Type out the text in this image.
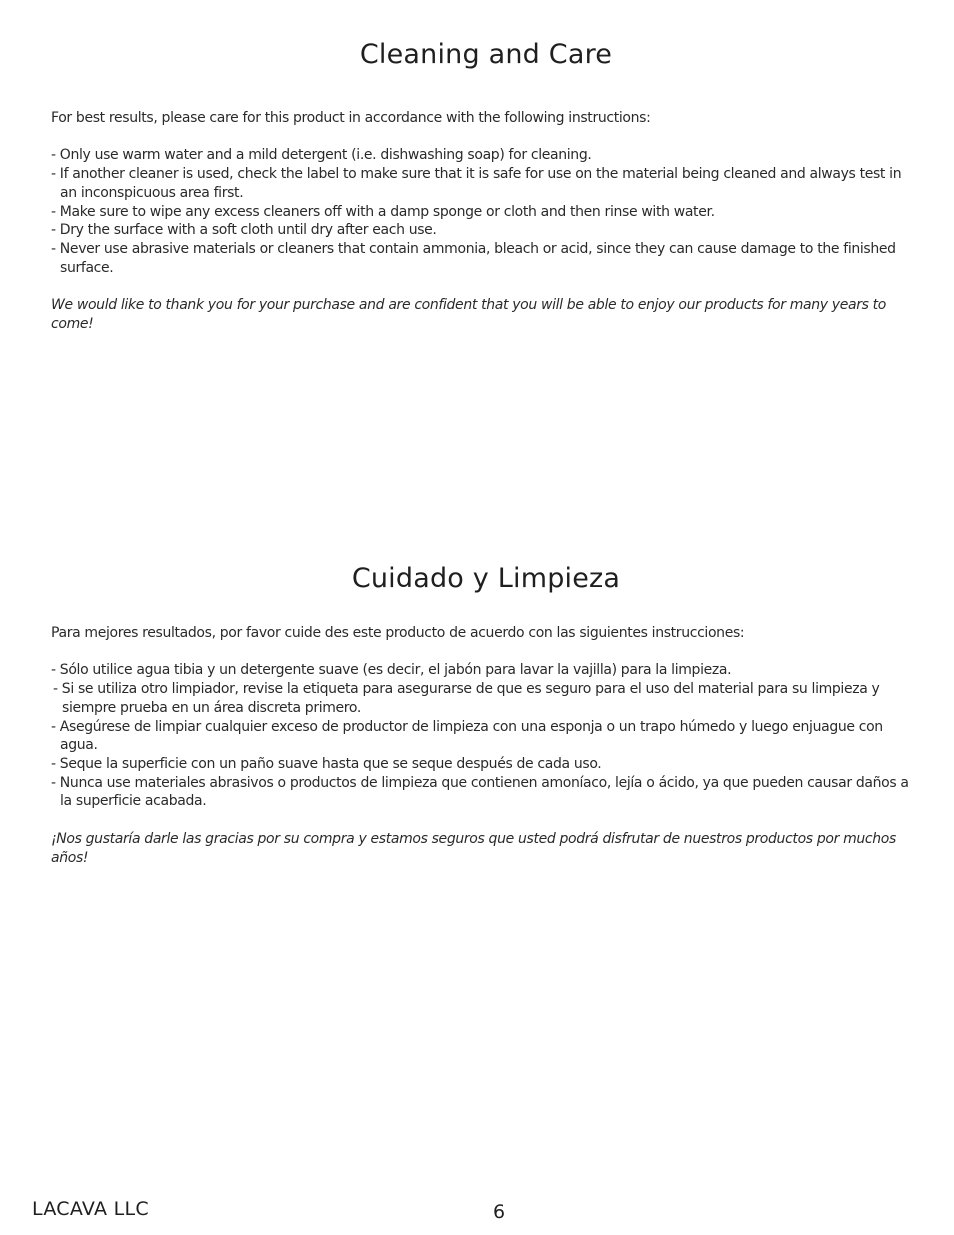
Cleaning and Care

For best results, please care for this product in accordance with the following instructions:

- Only use warm water and a mild detergent (i.e. dishwashing soap) for cleaning.
- If another cleaner is used, check the label to make sure that it is safe for use on the material being cleaned and always test in an inconspicuous area first.
- Make sure to wipe any excess cleaners off with a damp sponge or cloth and then rinse with water.
- Dry the surface with a soft cloth until dry after each use.
- Never use abrasive materials or cleaners that contain ammonia, bleach or acid, since they can cause damage to the finished surface.

We would like to thank you for your purchase and are confident that you will be able to enjoy our products for many years to come!

Cuidado y Limpieza

Para mejores resultados, por favor cuide des este producto de acuerdo con las siguientes instrucciones:

- Sólo utilice agua tibia y un detergente suave (es decir, el jabón para lavar la vajilla) para la limpieza.
- Si se utiliza otro limpiador, revise la etiqueta para asegurarse de que es seguro para el uso del material para su limpieza y siempre prueba en un área discreta primero.
- Asegúrese de limpiar cualquier exceso de productor de limpieza con una esponja o un trapo húmedo y luego enjuague con agua.
- Seque la superficie con un paño suave hasta que se seque después de cada uso.
- Nunca use materiales abrasivos o productos de limpieza que contienen amoníaco, lejía o ácido, ya que pueden causar daños a la superficie acabada.

¡Nos gustaría darle las gracias por su compra y estamos seguros que usted podrá disfrutar de nuestros productos por muchos años!

LACAVA LLC	6
